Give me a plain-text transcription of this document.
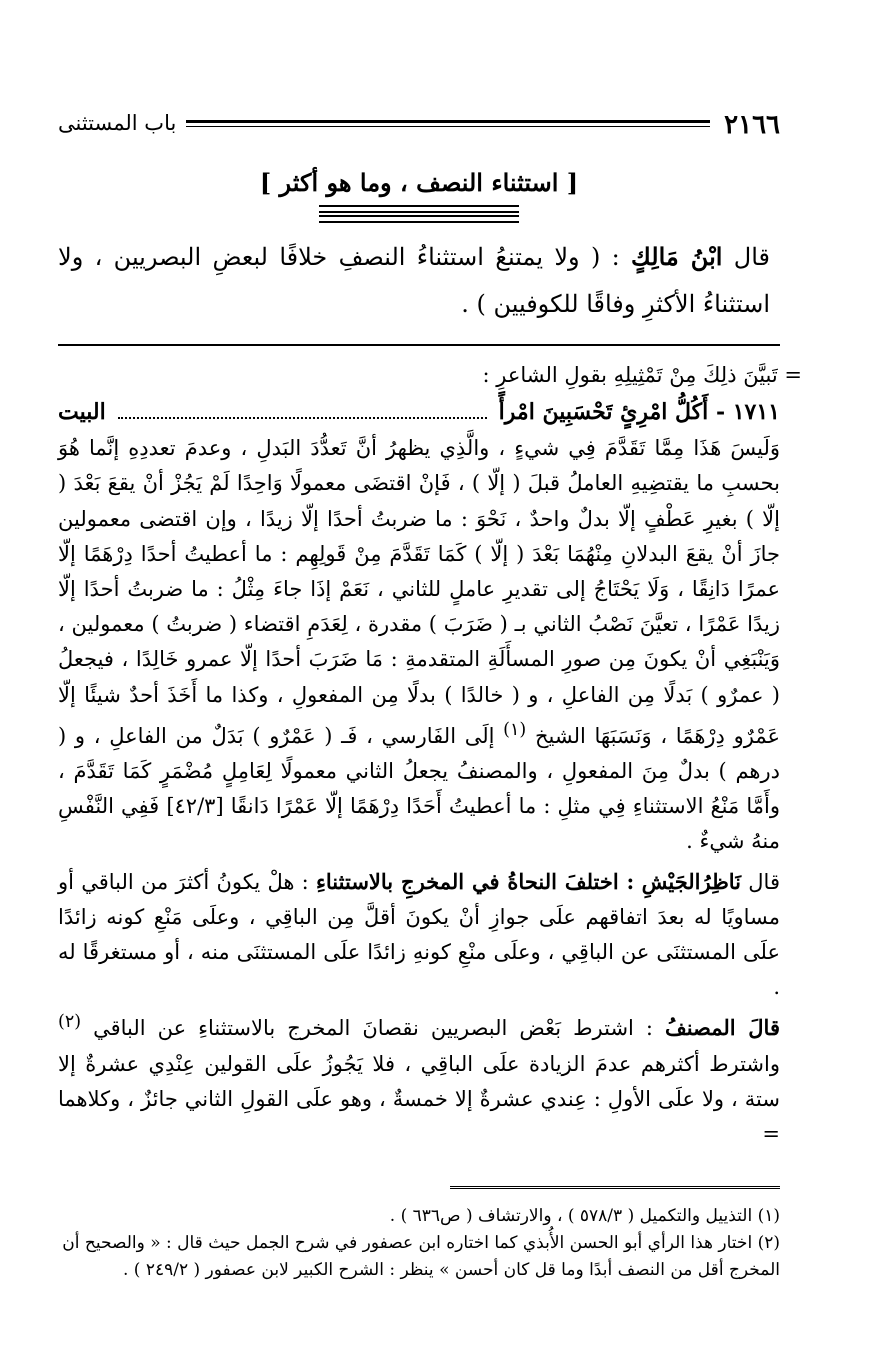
٢١٦٦
باب المستثنى
[ استثناء النصف ، وما هو أكثر ]
قال ابْنُ مَالِكٍ : ( ولا يمتنعُ استثناءُ النصفِ خلافًا لبعضِ البصريين ، ولا استثناءُ الأكثرِ وفاقًا للكوفيين ) .

= تَبيَّنَ ذلِكَ مِنْ تَمْثِيلِهِ بقولِ الشاعرِ :

١٧١١ - أَكُلُّ امْرِئٍ تَحْسَبِينَ امْرأً
البيت

وَلَيسَ هَذَا مِمَّا تَقَدَّمَ فِي شيءٍ ، والَّذِي يظهرُ أنَّ تَعدُّدَ البَدلِ ، وعدمَ تعددِهِ إنَّما هُوَ بحسبِ ما يقتضِيهِ العاملُ قبلَ ( إلّا ) ، فَإنْ اقتضَى معمولًا وَاحِدًا لَمْ يَجُزْ أنْ يقعَ بَعْدَ ( إلّا ) بغيرِ عَطْفٍ إلّا بدلٌ واحدٌ ، نَحْوَ : ما ضربتُ أحدًا إلّا زيدًا ، وإن اقتضى معمولين جازَ أنْ يقعَ البدلانِ مِنْهُمَا بَعْدَ ( إلّا ) كَمَا تَقَدَّمَ مِنْ قَولِهِم : ما أعطيتُ أحدًا دِرْهَمًا إلّا عمرًا دَانِقًا ، وَلَا يَحْتَاجُ إلى تقديرِ عاملٍ للثاني ، نَعَمْ إذَا جاءَ مِثْلُ : ما ضربتُ أحدًا إلّا زيدًا عَمْرًا ، تعيَّنَ نَصْبُ الثاني بـ ( ضَرَبَ ) مقدرة ، لِعَدَمِ اقتضاء ( ضربتُ ) معمولين ، وَيَنْبَغِي أنْ يكونَ مِن صورِ المسأَلَةِ المتقدمةِ : مَا ضَرَبَ أحدًا إلّا عمرو خَالِدًا ، فيجعلُ ( عمرٌو ) بَدلًا مِن الفاعلِ ، و ( خالدًا ) بدلًا مِن المفعولِ ، وكذا ما أَخَذَ أحدٌ شيئًا إلّا عَمْرٌو دِرْهَمًا ، وَنَسَبَهَا الشيخ $^{(١)}$ إلَى الفَارسي ، فَـ ( عَمْرٌو ) بَدَلٌ من الفاعلِ ، و ( درهم ) بدلٌ مِنَ المفعولِ ، والمصنفُ يجعلُ الثاني معمولًا لِعَامِلٍ مُضْمَرٍ كَمَا تَقَدَّمَ ، وأَمَّا مَنْعُ الاستثناءِ فِي مثلِ : ما أعطيتُ أَحَدًا دِرْهَمًا إلّا عَمْرًا دَانقًا [٤٢/٣] فَفِي النَّفْسِ منهُ شيءٌ .

قال نَاظِرُالجَيْشِ : اختلفَ النحاةُ في المخرجِ بالاستثناءِ : هلْ يكونُ أكثرَ من الباقي أو مساويًا له بعدَ اتفاقهم علَى جوازِ أنْ يكونَ أقلَّ مِن الباقِي ، وعلَى مَنْعِ كونه زائدًا علَى المستثنَى عن الباقِي ، وعلَى منْعِ كونهِ زائدًا علَى المستثنَى منه ، أو مستغرقًا له .

قالَ المصنفُ : اشترط بَعْض البصريين نقصانَ المخرج بالاستثناءِ عن الباقي $^{(٢)}$ واشترط أكثرهم عدمَ الزيادة علَى الباقِي ، فلا يَجُوزُ علَى القولين عِنْدِي عشرةٌ إلا ستة ، ولا علَى الأولِ : عِندي عشرةٌ إلا خمسةٌ ، وهو علَى القولِ الثاني جائزٌ ، وكلاهما =

(١) التذييل والتكميل ( ٥٧٨/٣ ) ، والارتشاف ( ص٦٣٦ ) .

(٢) اختار هذا الرأي أبو الحسن الأُبذي كما اختاره ابن عصفور في شرح الجمل حيث قال : « والصحيح أن المخرج أقل من النصف أبدًا وما قل كان أحسن » ينظر : الشرح الكبير لابن عصفور ( ٢٤٩/٢ ) .
